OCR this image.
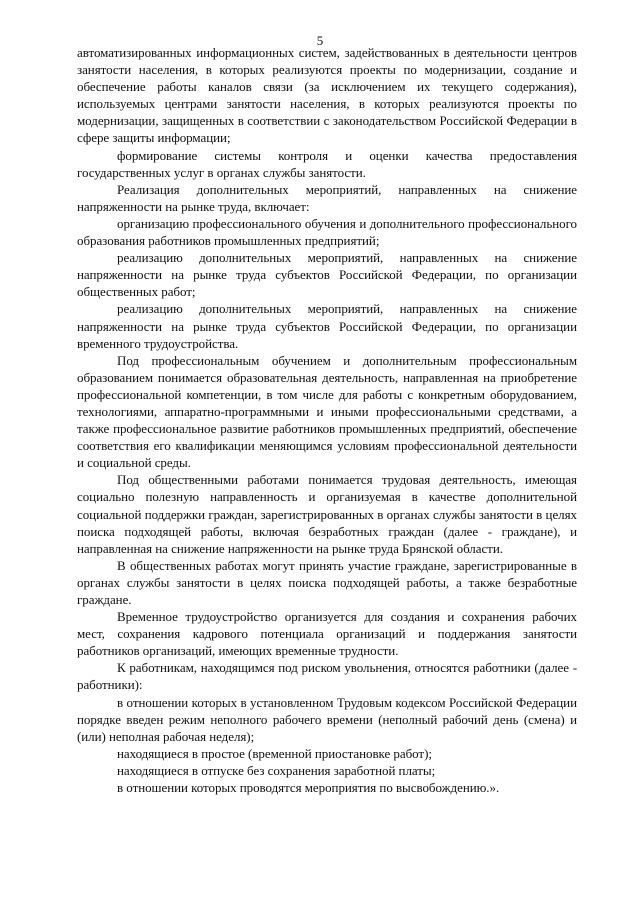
5

автоматизированных информационных систем, задействованных в деятельности центров занятости населения, в которых реализуются проекты по модернизации, создание и обеспечение работы каналов связи (за исключением их текущего содержания), используемых центрами занятости населения, в которых реализуются проекты по модернизации, защищенных в соответствии с законодательством Российской Федерации в сфере защиты информации;

формирование системы контроля и оценки качества предоставления государственных услуг в органах службы занятости.

Реализация дополнительных мероприятий, направленных на снижение напряженности на рынке труда, включает:

организацию профессионального обучения и дополнительного профессионального образования работников промышленных предприятий;

реализацию дополнительных мероприятий, направленных на снижение напряженности на рынке труда субъектов Российской Федерации, по организации общественных работ;

реализацию дополнительных мероприятий, направленных на снижение напряженности на рынке труда субъектов Российской Федерации, по организации временного трудоустройства.

Под профессиональным обучением и дополнительным профессиональным образованием понимается образовательная деятельность, направленная на приобретение профессиональной компетенции, в том числе для работы с конкретным оборудованием, технологиями, аппаратно-программными и иными профессиональными средствами, а также профессиональное развитие работников промышленных предприятий, обеспечение соответствия его квалификации меняющимся условиям профессиональной деятельности и социальной среды.

Под общественными работами понимается трудовая деятельность, имеющая социально полезную направленность и организуемая в качестве дополнительной социальной поддержки граждан, зарегистрированных в органах службы занятости в целях поиска подходящей работы, включая безработных граждан (далее - граждане), и направленная на снижение напряженности на рынке труда Брянской области.

В общественных работах могут принять участие граждане, зарегистрированные в органах службы занятости в целях поиска подходящей работы, а также безработные граждане.

Временное трудоустройство организуется для создания и сохранения рабочих мест, сохранения кадрового потенциала организаций и поддержания занятости работников организаций, имеющих временные трудности.

К работникам, находящимся под риском увольнения, относятся работники (далее - работники):

в отношении которых в установленном Трудовым кодексом Российской Федерации порядке введен режим неполного рабочего времени (неполный рабочий день (смена) и (или) неполная рабочая неделя);

находящиеся в простое (временной приостановке работ);

находящиеся в отпуске без сохранения заработной платы;

в отношении которых проводятся мероприятия по высвобождению.».
